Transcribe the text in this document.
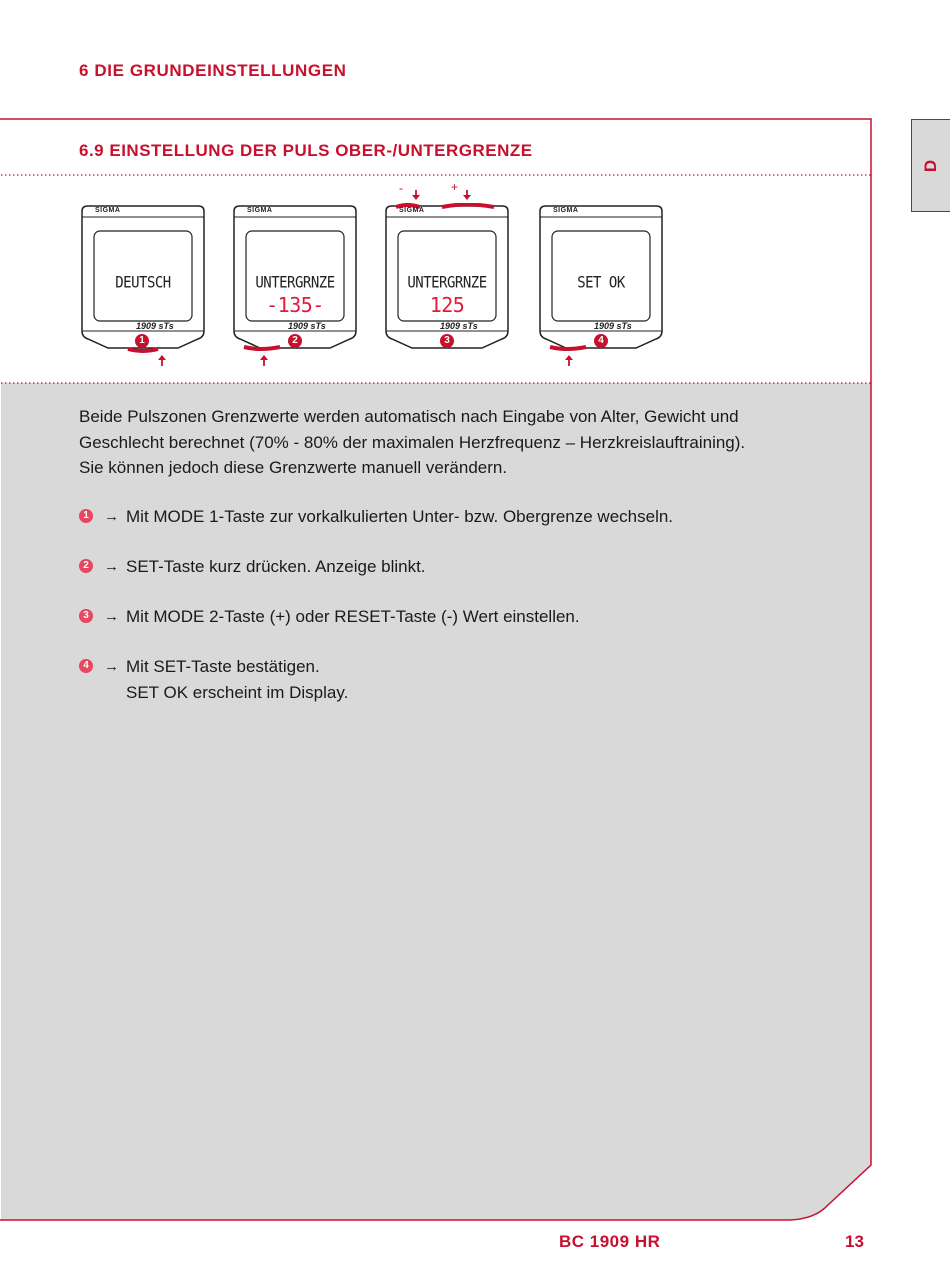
6 DIE GRUNDEINSTELLUNGEN
D
6.9 EINSTELLUNG DER PULS OBER-/UNTERGRENZE
SIGMA
DEUTSCH
1909 sTs
1
SIGMA
UNTERGRNZE
-135-
1909 sTs
2
SIGMA
UNTERGRNZE
125
1909 sTs
3
SIGMA
SET OK
1909 sTs
4
-	+
Beide Pulszonen Grenzwerte werden automatisch nach Eingabe von Alter, Gewicht und
Geschlecht berechnet (70% - 80% der maximalen Herzfrequenz – Herzkreislauftraining).
Sie können jedoch diese Grenzwerte manuell verändern.
1 → Mit MODE 1-Taste zur vorkalkulierten Unter- bzw. Obergrenze wechseln.
2 → SET-Taste kurz drücken. Anzeige blinkt.
3 → Mit MODE 2-Taste (+) oder RESET-Taste (-) Wert einstellen.
4 → Mit SET-Taste bestätigen.
SET OK erscheint im Display.
BC 1909 HR	13
